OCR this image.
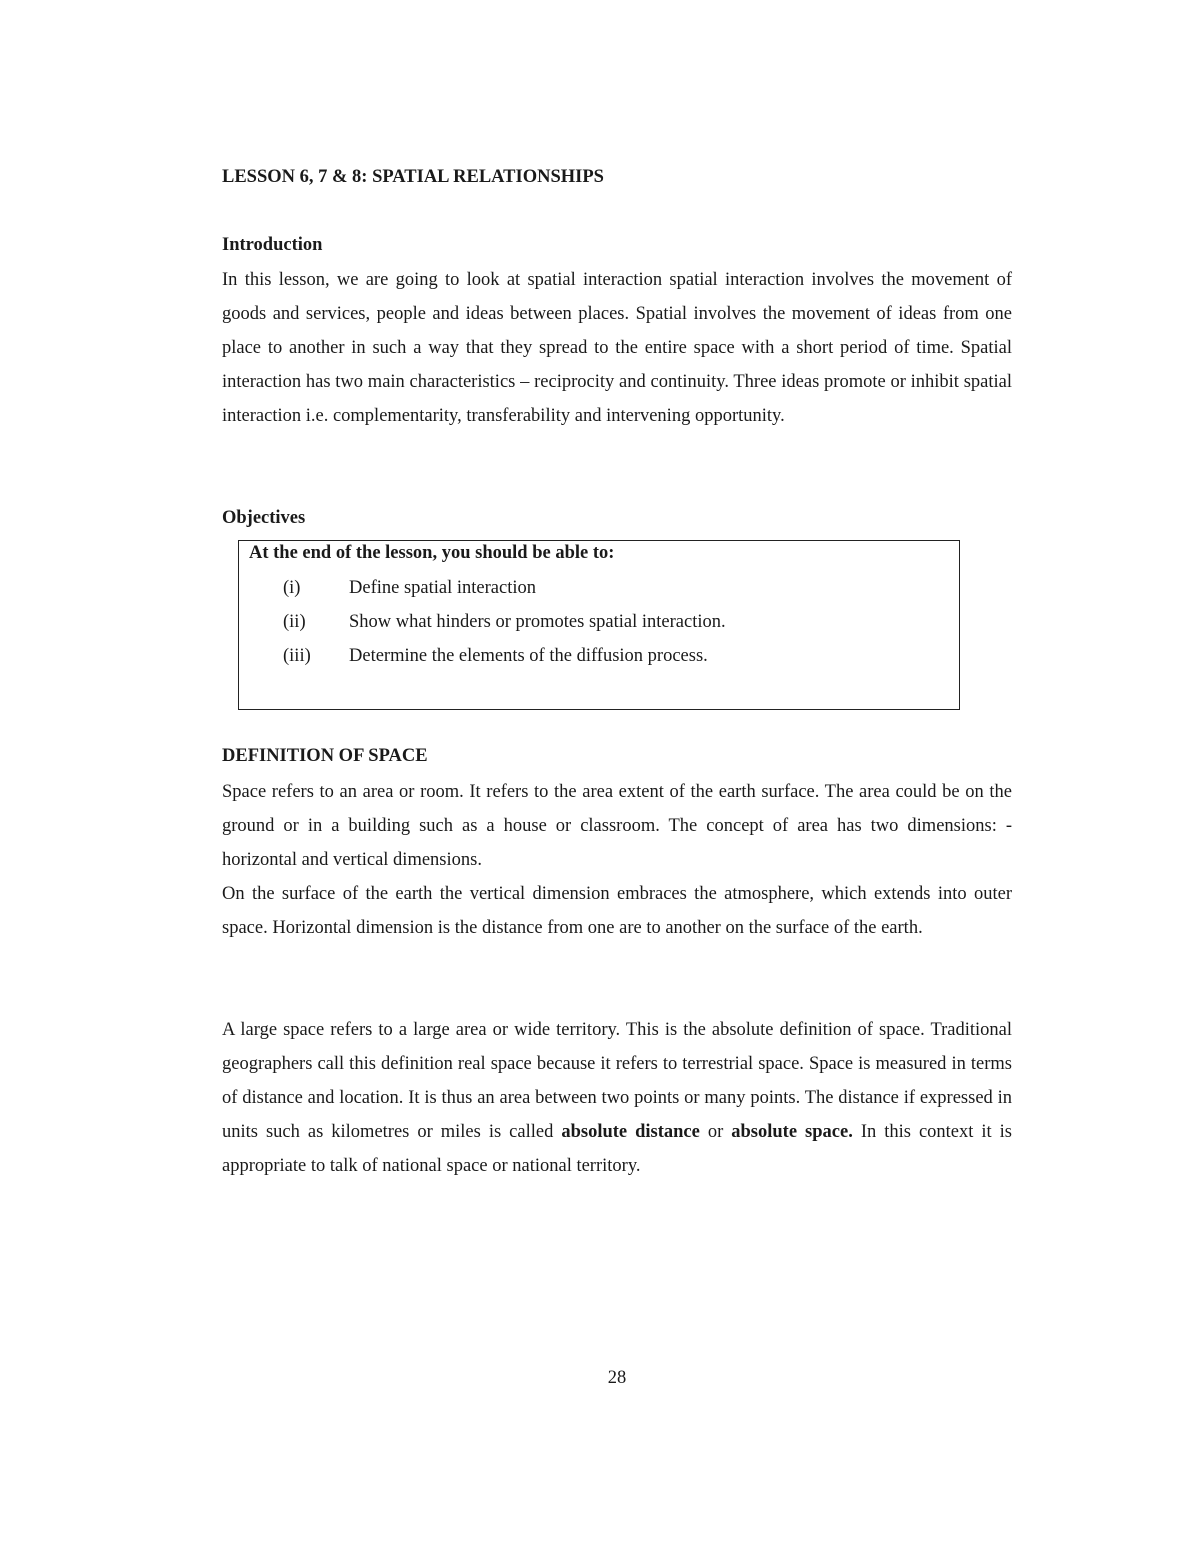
LESSON 6, 7 & 8: SPATIAL RELATIONSHIPS
Introduction

In this lesson, we are going to look at spatial interaction spatial interaction involves the movement of goods and services, people and ideas between places. Spatial involves the movement of ideas from one place to another in such a way that they spread to the entire space with a short period of time. Spatial interaction has two main characteristics – reciprocity and continuity. Three ideas promote or inhibit spatial interaction i.e. complementarity, transferability and intervening opportunity.

Objectives

At the end of the lesson, you should be able to:

(i)	Define spatial interaction
(ii) Show what hinders or promotes spatial interaction.
(iii) Determine the elements of the diffusion process.
DEFINITION OF SPACE

Space refers to an area or room. It refers to the area extent of the earth surface. The area could be on the ground or in a building such as a house or classroom. The concept of area has two dimensions: - horizontal and vertical dimensions.

On the surface of the earth the vertical dimension embraces the atmosphere, which extends into outer space. Horizontal dimension is the distance from one are to another on the surface of the earth.

A large space refers to a large area or wide territory. This is the absolute definition of space. Traditional geographers call this definition real space because it refers to terrestrial space. Space is measured in terms of distance and location. It is thus an area between two points or many points. The distance if expressed in units such as kilometres or miles is called absolute distance or absolute space. In this context it is appropriate to talk of national space or national territory.

28
